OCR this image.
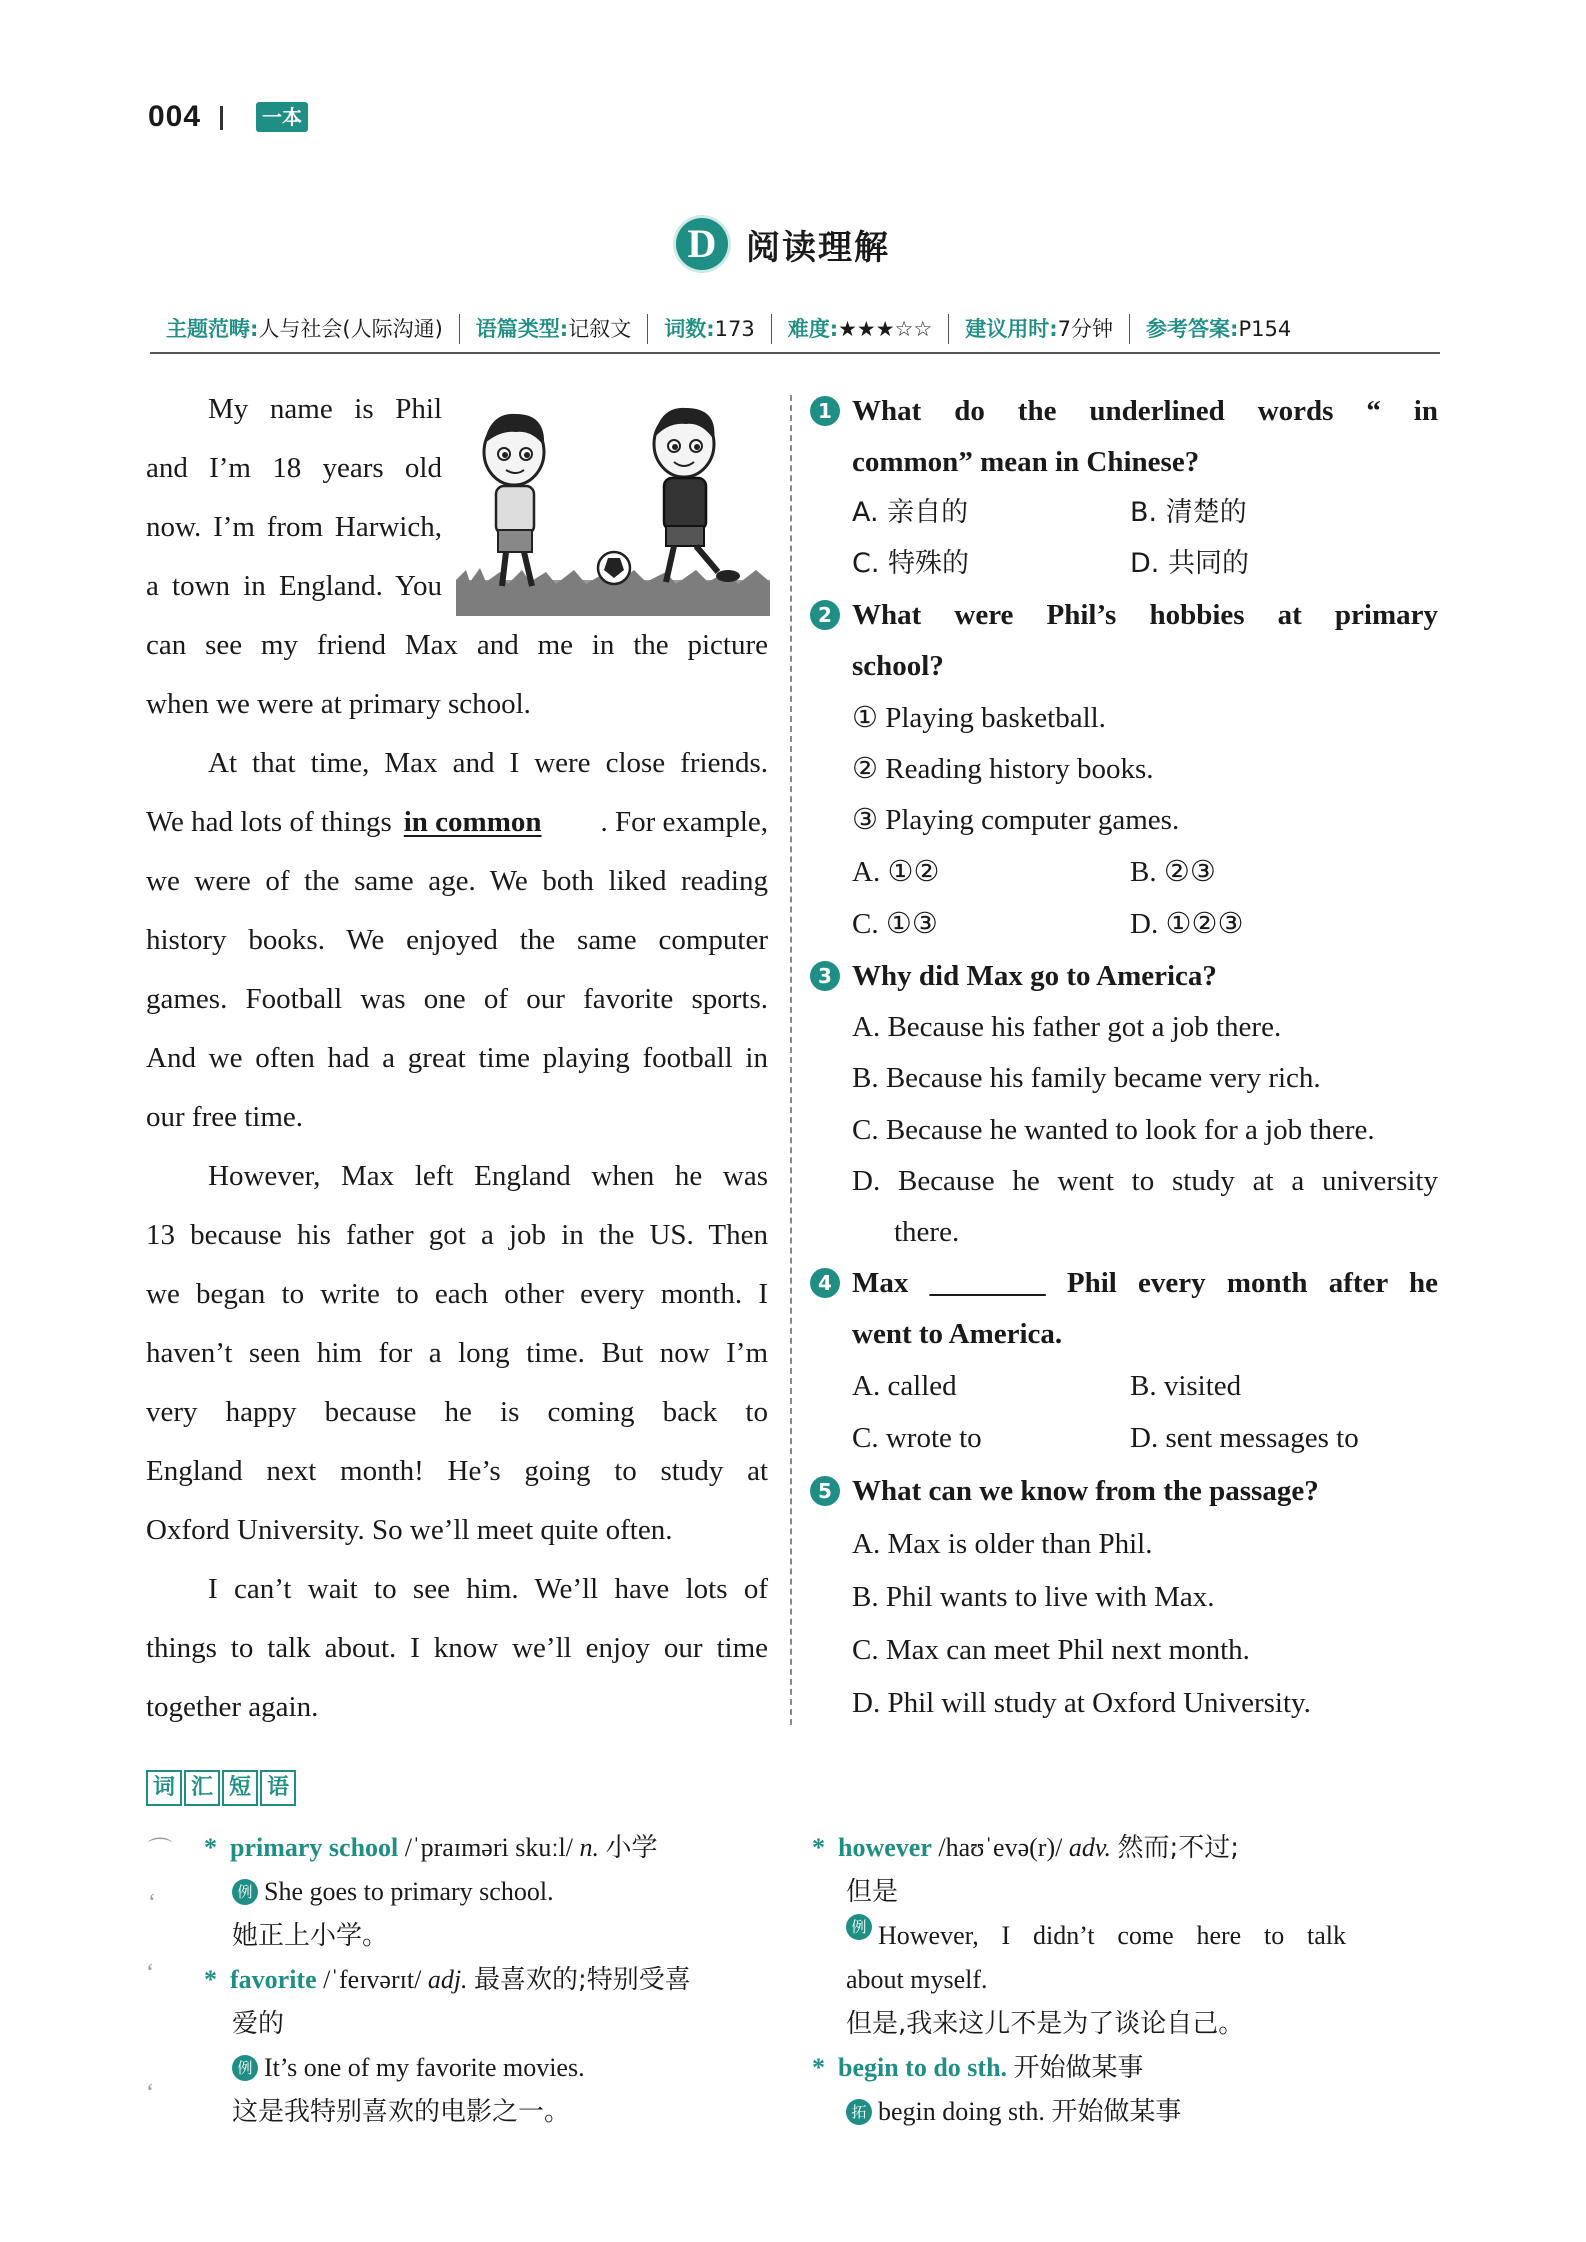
004	一本
D 阅读理解
主题范畴:人与社会(人际沟通)	语篇类型:记叙文	词数:173	难度:★★★☆☆	建议用时:7分钟	参考答案:P154
My name is Phil
and I’m 18 years old
now. I’m from Harwich,
a town in England. You
can see my friend Max and me in the picture
when we were at primary school.
At that time, Max and I were close friends.
We had lots of things in common	. For example,
we were of the same age. We both liked reading
history books. We enjoyed the same computer
games. Football was one of our favorite sports.
And we often had a great time playing football in
our free time.
However, Max left England when he was
13 because his father got a job in the US. Then
we began to write to each other every month. I
haven’t seen him for a long time. But now I’m
very happy because he is coming back to
England next month! He’s going to study at
Oxford University. So we’ll meet quite often.
I can’t wait to see him. We’ll have lots of
things to talk about. I know we’ll enjoy our time
together again.
1 What do the underlined words “ in
common” mean in Chinese?
A. 亲自的	B. 清楚的
C. 特殊的	D. 共同的
2 What were Phil’s hobbies at primary
school?
① Playing basketball.
② Reading history books.
③ Playing computer games.
A. ①②	B. ②③
C. ①③	D. ①②③
3 Why did Max go to America?
A. Because his father got a job there.
B. Because his family became very rich.
C. Because he wanted to look for a job there.
D. Because he went to study at a university
there.
4 Max ________ Phil every month after he
went to America.
A. called	B. visited
C. wrote to	D. sent messages to
5 What can we know from the passage?
A. Max is older than Phil.
B. Phil wants to live with Max.
C. Max can meet Phil next month.
D. Phil will study at Oxford University.
词 汇 短 语
⌒
ʻ
ʻ
ʻ
* primary school /ˈpraɪməri skuːl/ n. 小学
例 She goes to primary school.
她正上小学。
* favorite /ˈfeɪvərɪt/ adj. 最喜欢的;特别受喜
爱的
例 It’s one of my favorite movies.
这是我特别喜欢的电影之一。
* however /haʊˈevə(r)/ adv. 然而;不过;
但是
例 However, I didn’t come here to talk
about myself.
但是,我来这儿不是为了谈论自己。
* begin to do sth. 开始做某事
拓 begin doing sth. 开始做某事
